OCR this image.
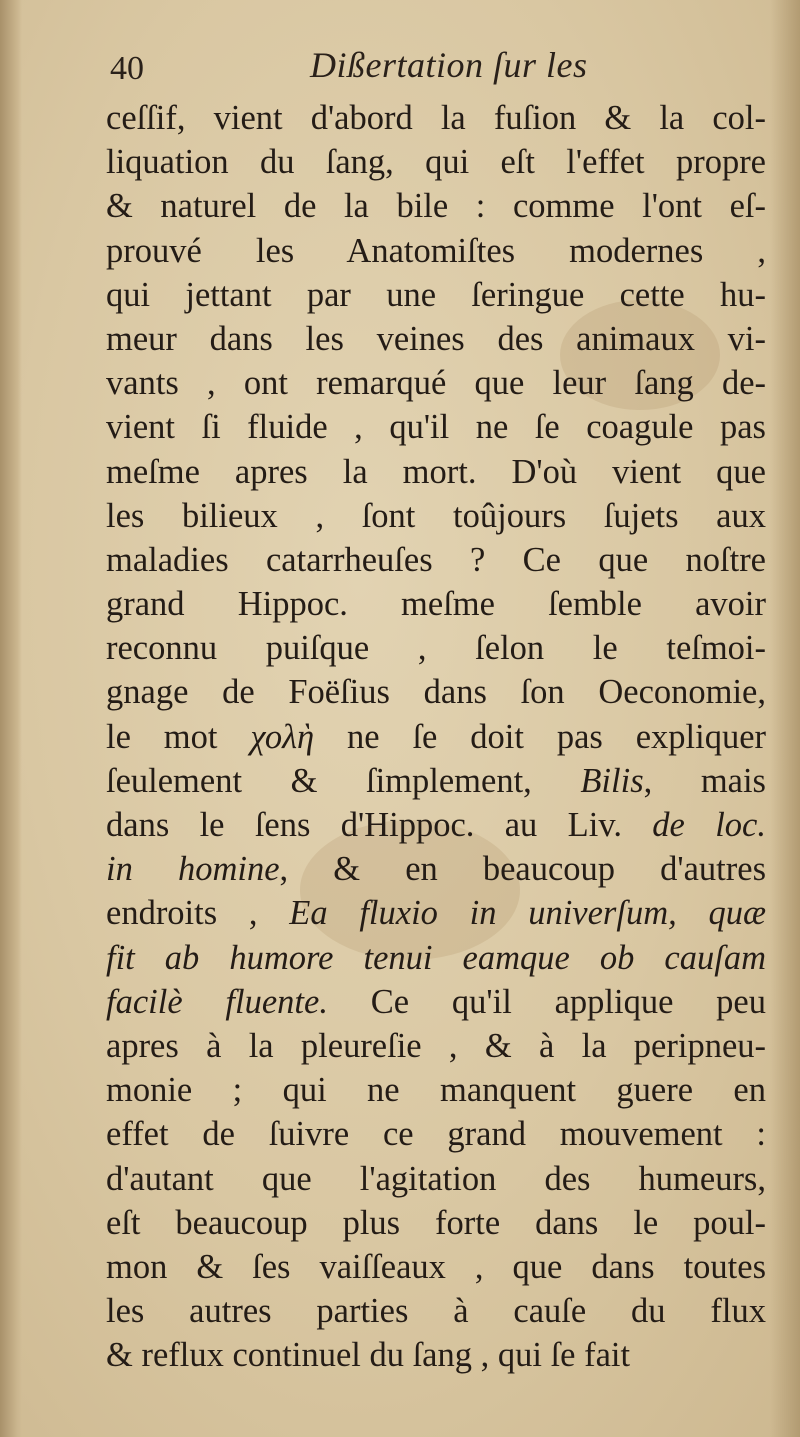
40	Dißertation ſur les
ceſſif, vient d'abord la fuſion & la col-
liquation du ſang, qui eſt l'effet propre
& naturel de la bile : comme l'ont eſ-
prouvé les Anatomiſtes modernes ,
qui jettant par une ſeringue cette hu-
meur dans les veines des animaux vi-
vants , ont remarqué que leur ſang de-
vient ſi fluide , qu'il ne ſe coagule pas
meſme apres la mort. D'où vient que
les bilieux , ſont toûjours ſujets aux
maladies catarrheuſes ? Ce que noſtre
grand Hippoc. meſme ſemble avoir
reconnu puiſque , ſelon le teſmoi-
gnage de Foëſius dans ſon Oeconomie,
le mot χολὴ ne ſe doit pas expliquer
ſeulement & ſimplement, Bilis, mais
dans le ſens d'Hippoc. au Liv. de loc.
in homine, & en beaucoup d'autres
endroits , Ea fluxio in univerſum, quæ
fit ab humore tenui eamque ob cauſam
facilè fluente. Ce qu'il applique peu
apres à la pleureſie , & à la peripneu-
monie ; qui ne manquent guere en
effet de ſuivre ce grand mouvement :
d'autant que l'agitation des humeurs,
eſt beaucoup plus forte dans le poul-
mon & ſes vaiſſeaux , que dans toutes
les autres parties à cauſe du flux
& reflux continuel du ſang , qui ſe fait
